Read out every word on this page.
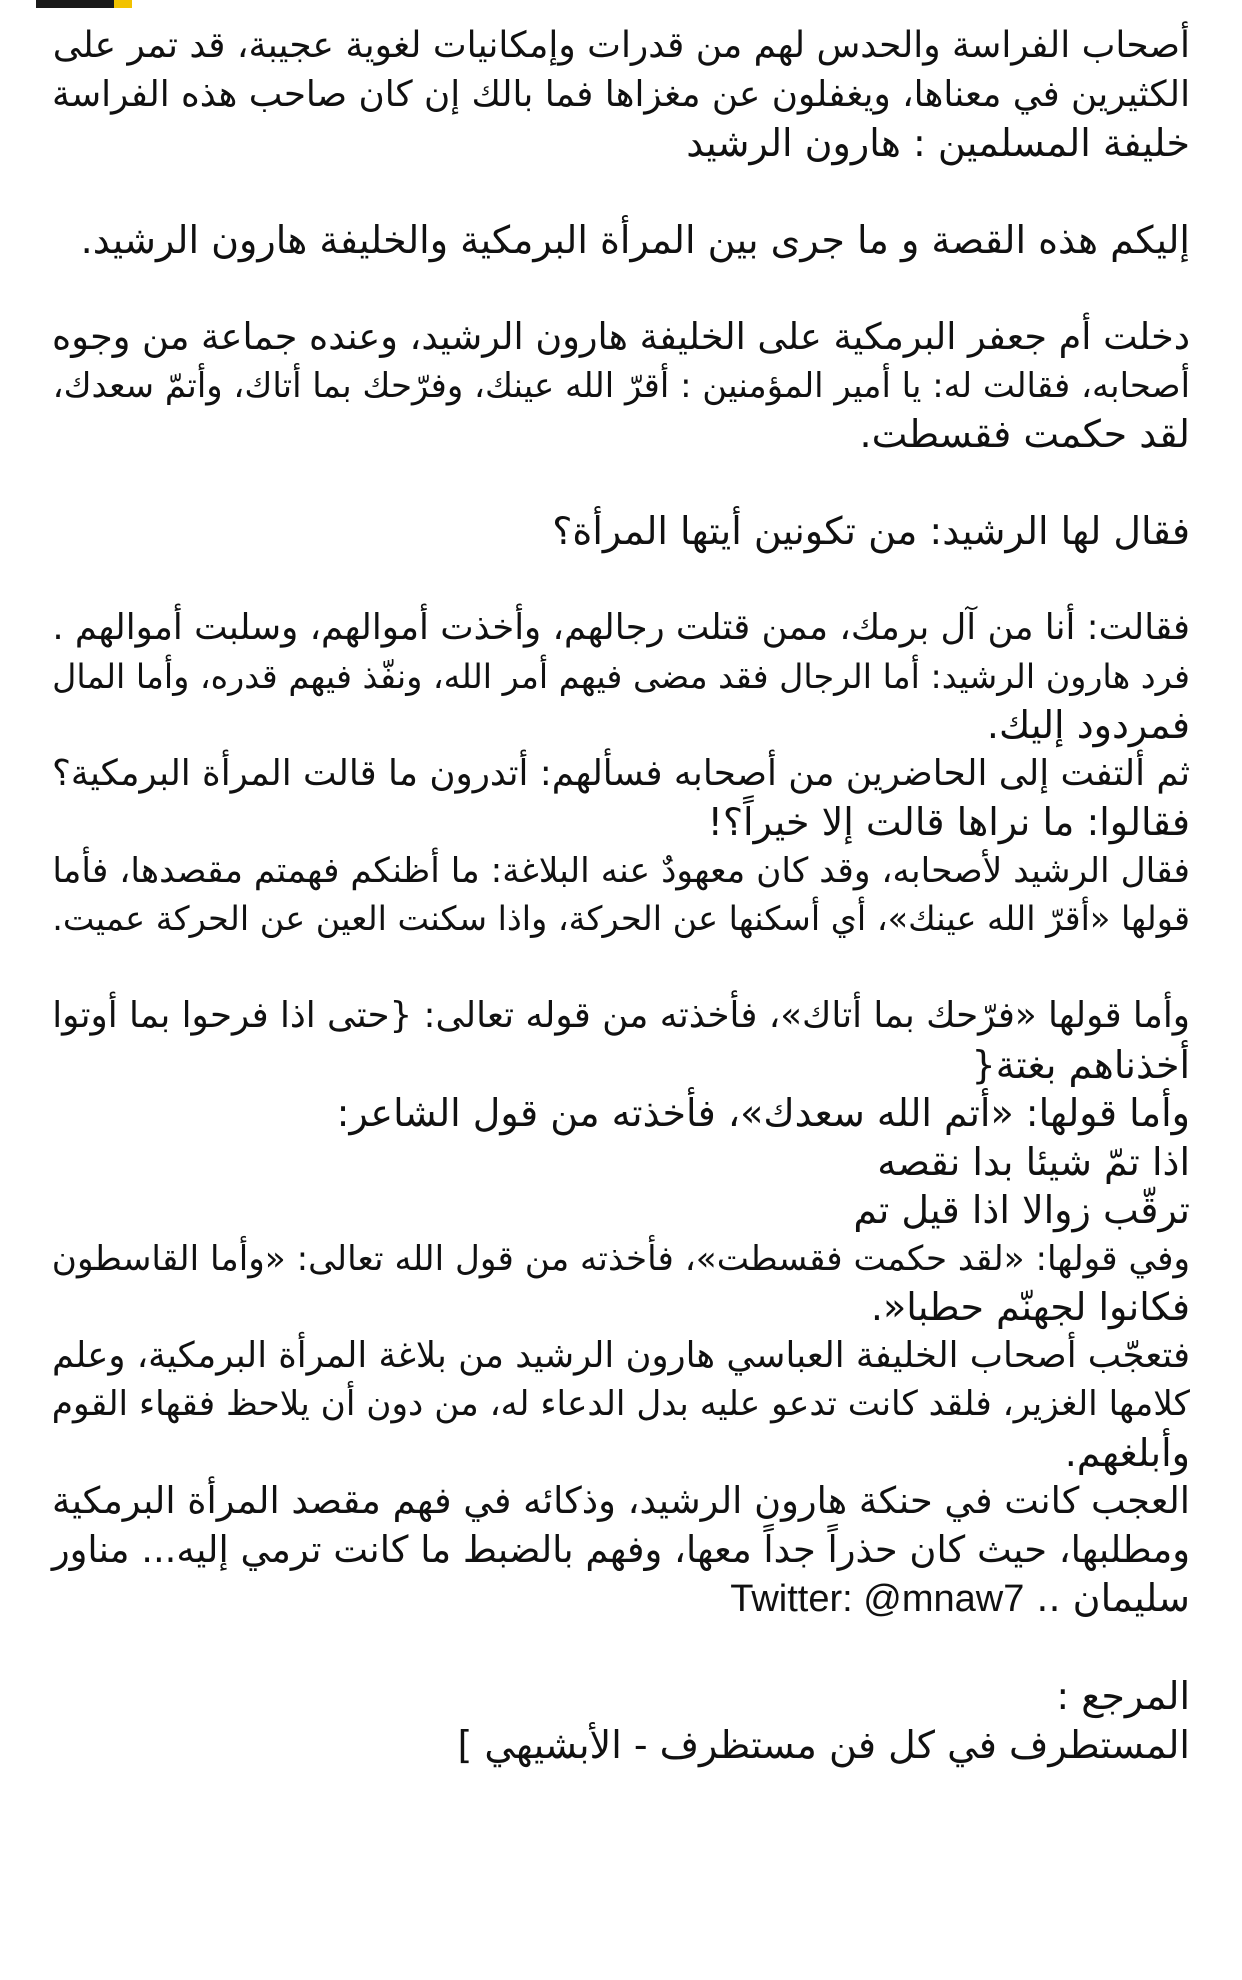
أصحاب الفراسة والحدس لهم من قدرات وإمكانيات لغوية عجيبة، قد تمر على
الكثيرين في معناها، ويغفلون عن مغزاها فما بالك إن كان صاحب هذه الفراسة
خليفة المسلمين : هارون الرشيد
إليكم هذه القصة و ما جرى بين المرأة البرمكية والخليفة هارون الرشيد.
دخلت أم جعفر البرمكية على الخليفة هارون الرشيد، وعنده جماعة من وجوه
أصحابه، فقالت له: يا أمير المؤمنين : أقرّ الله عينك، وفرّحك بما أتاك، وأتمّ سعدك،
لقد حكمت فقسطت.
فقال لها الرشيد: من تكونين أيتها المرأة؟
فقالت: أنا من آل برمك، ممن قتلت رجالهم، وأخذت أموالهم، وسلبت أموالهم .
فرد هارون الرشيد: أما الرجال فقد مضى فيهم أمر الله، ونفّذ فيهم قدره، وأما المال
فمردود إليك.
ثم ألتفت إلى الحاضرين من أصحابه فسألهم: أتدرون ما قالت المرأة البرمكية؟
فقالوا: ما نراها قالت إلا خيراً؟!
فقال الرشيد لأصحابه، وقد كان معهودٌ عنه البلاغة: ما أظنكم فهمتم مقصدها، فأما
قولها «أقرّ الله عينك»، أي أسكنها عن الحركة، واذا سكنت العين عن الحركة عميت.
وأما قولها «فرّحك بما أتاك»، فأخذته من قوله تعالى: {حتى اذا فرحوا بما أوتوا
أخذناهم بغتة{
وأما قولها: «أتم الله سعدك»، فأخذته من قول الشاعر:
اذا تمّ شيئا بدا نقصه
ترقّب زوالا اذا قيل تم
وفي قولها: «لقد حكمت فقسطت»، فأخذته من قول الله تعالى: «وأما القاسطون
فكانوا لجهنّم حطبا«.
فتعجّب أصحاب الخليفة العباسي هارون الرشيد من بلاغة المرأة البرمكية، وعلم
كلامها الغزير، فلقد كانت تدعو عليه بدل الدعاء له، من دون أن يلاحظ فقهاء القوم
وأبلغهم.
العجب كانت في حنكة هارون الرشيد، وذكائه في فهم مقصد المرأة البرمكية
ومطلبها، حيث كان حذراً جداً معها، وفهم بالضبط ما كانت ترمي إليه... مناور
سليمان .. Twitter: @mnaw7
المرجع :
المستطرف في كل فن مستظرف - الأبشيهي ]
